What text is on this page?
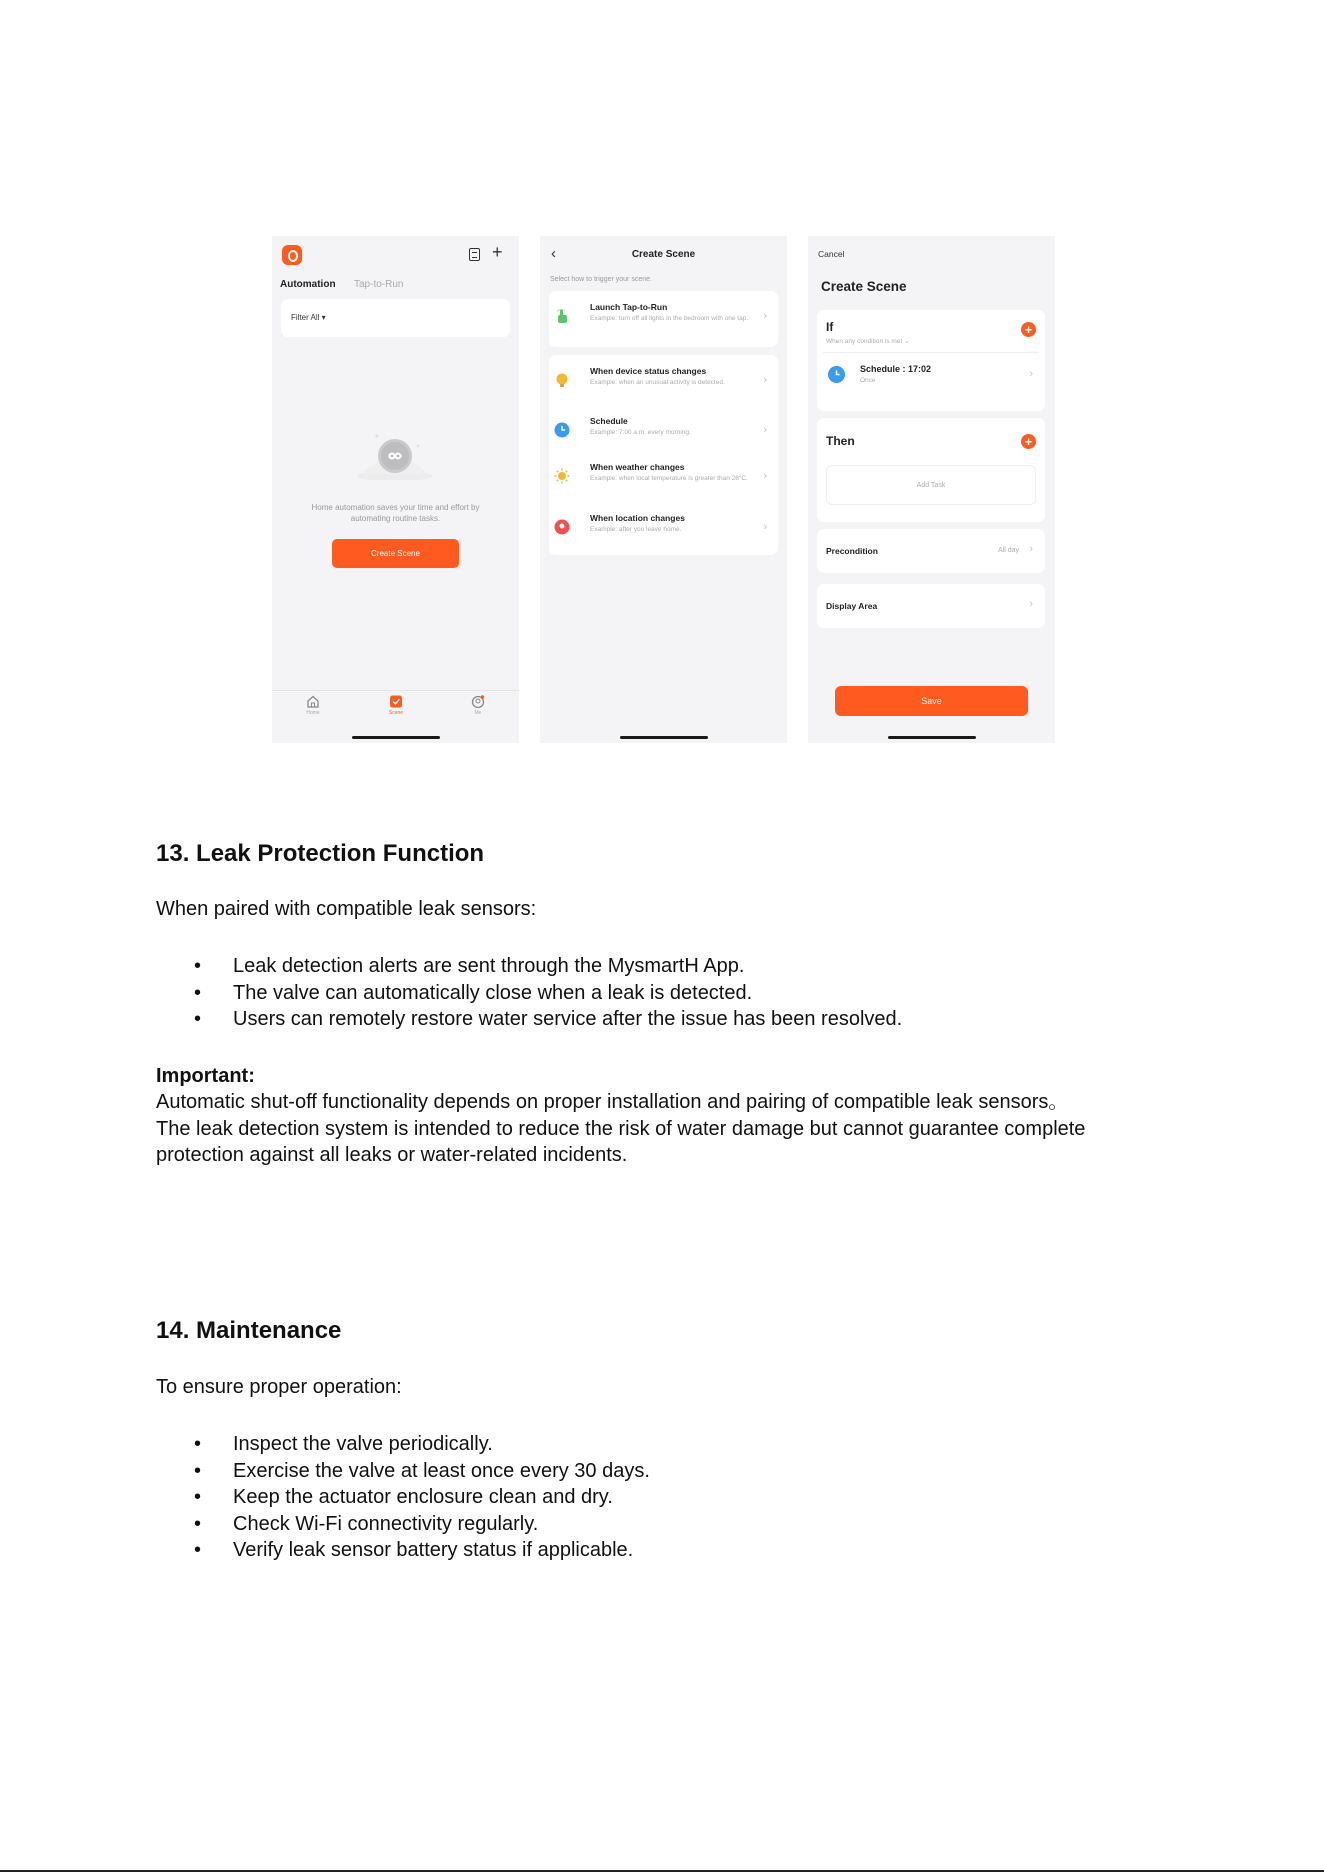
+
Automation Tap-to-Run
Filter All ▾
Home automation saves your time and effort by automating routine tasks.
Create Scene
Home	Scene	Me
‹	Create Scene
Select how to trigger your scene.
Launch Tap-to-Run
Example: turn off all lights in the bedroom with one tap.	›
When device status changes
Example: when an unusual activity is detected.	›
Schedule
Example: 7:00 a.m. every morning.	›
When weather changes
Example: when local temperature is greater than 28°C.	›
When location changes
Example: after you leave home.	›
Cancel
Create Scene
If
When any condition is met ⌄
+
Schedule : 17:02
Once
›
Then	+
Add Task
Precondition	All day ›
Display Area	›
Save
13. Leak Protection Function
When paired with compatible leak sensors:
• Leak detection alerts are sent through the MysmartH App.
• The valve can automatically close when a leak is detected.
• Users can remotely restore water service after the issue has been resolved.
Important:
Automatic shut-off functionality depends on proper installation and pairing of compatible leak sensors。
The leak detection system is intended to reduce the risk of water damage but cannot guarantee complete protection against all leaks or water-related incidents.
14. Maintenance
To ensure proper operation:
• Inspect the valve periodically.
• Exercise the valve at least once every 30 days.
• Keep the actuator enclosure clean and dry.
• Check Wi-Fi connectivity regularly.
• Verify leak sensor battery status if applicable.
